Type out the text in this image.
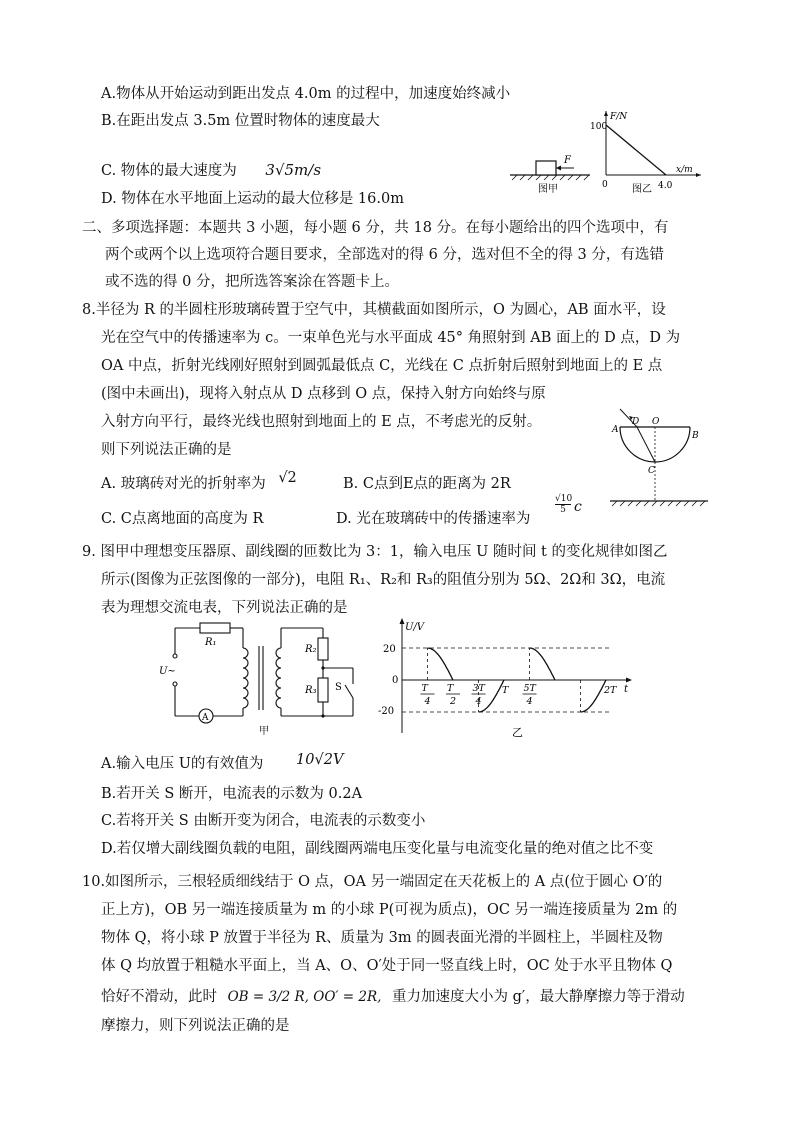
A.物体从开始运动到距出发点 4.0m 的过程中，加速度始终减小
B.在距出发点 3.5m 位置时物体的速度最大
C. 物体的最大速度为 3√5m/s
D. 物体在水平地面上运动的最大位移是 16.0m
F
图甲
F/N
100
0	4.0
x/m
图乙
二、多项选择题：本题共 3 小题，每小题 6 分，共 18 分。在每小题给出的四个选项中，有
两个或两个以上选项符合题目要求，全部选对的得 6 分，选对但不全的得 3 分，有选错
或不选的得 0 分，把所选答案涂在答题卡上。
8.半径为 R 的半圆柱形玻璃砖置于空气中，其横截面如图所示，O 为圆心，AB 面水平，设
光在空气中的传播速率为 c。一束单色光与水平面成 45° 角照射到 AB 面上的 D 点，D 为
OA 中点，折射光线刚好照射到圆弧最低点 C，光线在 C 点折射后照射到地面上的 E 点
(图中未画出)，现将入射点从 D 点移到 O 点，保持入射方向始终与原
入射方向平行，最终光线也照射到地面上的 E 点，不考虑光的反射。
则下列说法正确的是
A. 玻璃砖对光的折射率为 √2	B. C点到E点的距离为 2R
C. C点离地面的高度为 R	D. 光在玻璃砖中的传播速率为
$\frac{√10}{5}$
c
A
D O
B
C
9. 图甲中理想变压器原、副线圈的匝数比为 3：1，输入电压 U 随时间 t 的变化规律如图乙
所示(图像为正弦图像的一部分)，电阻 R₁、R₂和 R₃的阻值分别为 5Ω、2Ω和 3Ω，电流
表为理想交流电表，下列说法正确的是
R₁
R₂
R₃
U~
A
S
甲
U/V
20
-20
0
t
4
T
2
T
4
3T T
4
5T	2T
乙
A.输入电压 U的有效值为 10√2V
B.若开关 S 断开，电流表的示数为 0.2A
C.若将开关 S 由断开变为闭合，电流表的示数变小
D.若仅增大副线圈负载的电阻，副线圈两端电压变化量与电流变化量的绝对值之比不变
10.如图所示，三根轻质细线结于 O 点，OA 另一端固定在天花板上的 A 点(位于圆心 O′的
正上方)，OB 另一端连接质量为 m 的小球 P(可视为质点)，OC 另一端连接质量为 2m 的
物体 Q，将小球 P 放置于半径为 R、质量为 3m 的圆表面光滑的半圆柱上，半圆柱及物
体 Q 均放置于粗糙水平面上，当 A、O、O′处于同一竖直线上时，OC 处于水平且物体 Q
恰好不滑动，此时 OB = 3/2 R, OO′ = 2R, 重力加速度大小为 g′，最大静摩擦力等于滑动
摩擦力，则下列说法正确的是
